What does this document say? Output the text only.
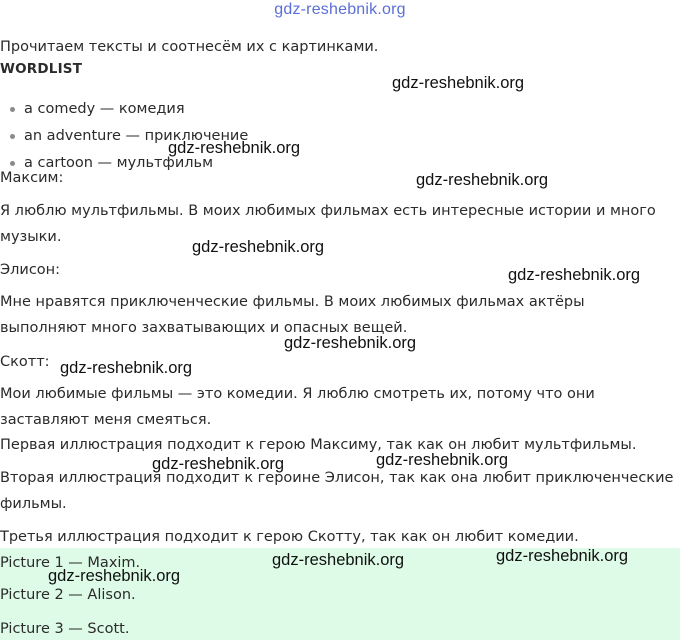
gdz-reshebnik.org

Прочитаем тексты и соотнесём их с картинками.

WORDLIST
a comedy — комедия
an adventure — приключение
a cartoon — мультфильм

Максим:

Я люблю мультфильмы. В моих любимых фильмах есть интересные истории и много музыки.

Элисон:

Мне нравятся приключенческие фильмы. В моих любимых фильмах актёры выполняют много захватывающих и опасных вещей.

Скотт:

Мои любимые фильмы — это комедии. Я люблю смотреть их, потому что они заставляют меня смеяться.

Первая иллюстрация подходит к герою Максиму, так как он любит мультфильмы.

Вторая иллюстрация подходит к героине Элисон, так как она любит приключенческие фильмы.

Третья иллюстрация подходит к герою Скотту, так как он любит комедии.

Picture 1 — Maxim.

Picture 2 — Alison.

Picture 3 — Scott.

gdz-reshebnik.org
gdz-reshebnik.org
gdz-reshebnik.org
gdz-reshebnik.org
gdz-reshebnik.org
gdz-reshebnik.org
gdz-reshebnik.org
gdz-reshebnik.org
gdz-reshebnik.org
gdz-reshebnik.org
gdz-reshebnik.org
gdz-reshebnik.org
